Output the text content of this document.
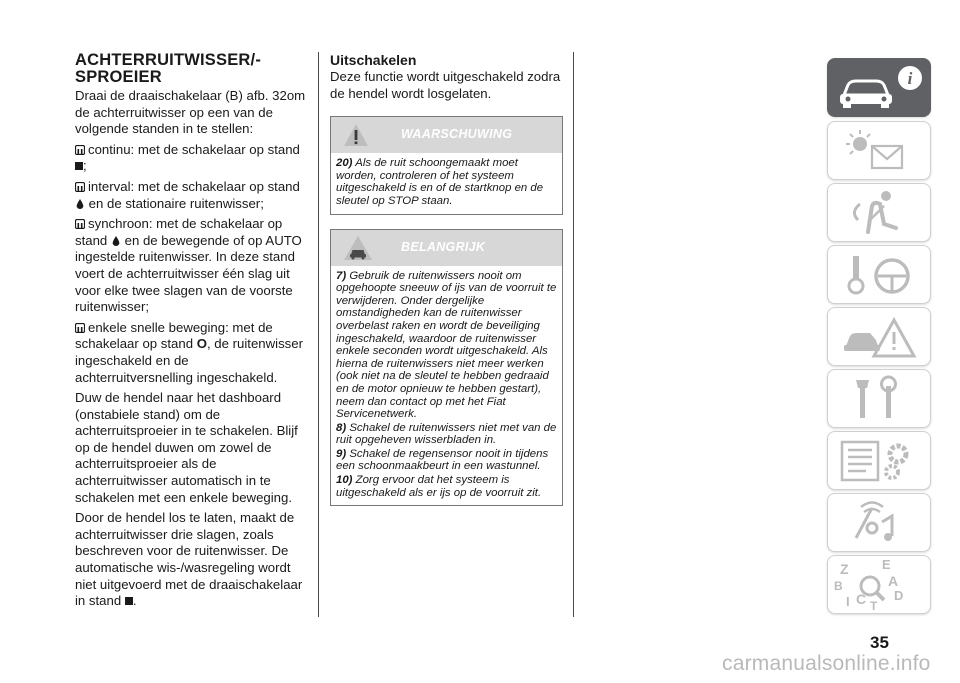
ACHTERRUITWISSER/-
SPROEIER

Draai de draaischakelaar (B) afb. 32om de achterruitwisser op een van de volgende standen in te stellen:

continu: met de schakelaar op stand ;

interval: met de schakelaar op stand  en de stationaire ruitenwisser;

synchroon: met de schakelaar op stand en de bewegende of op AUTO ingestelde ruitenwisser. In deze stand voert de achterruitwisser één slag uit voor elke twee slagen van de voorste ruitenwisser;

enkele snelle beweging: met de schakelaar op stand O, de ruitenwisser ingeschakeld en de achterruitversnelling ingeschakeld.

Duw de hendel naar het dashboard (onstabiele stand) om de achterruitsproeier in te schakelen. Blijf op de hendel duwen om zowel de achterruitsproeier als de achterruitwisser automatisch in te schakelen met een enkele beweging.

Door de hendel los te laten, maakt de achterruitwisser drie slagen, zoals beschreven voor de ruitenwisser. De automatische wis-/wasregeling wordt niet uitgevoerd met de draaischakelaar in stand .

Uitschakelen

Deze functie wordt uitgeschakeld zodra de hendel wordt losgelaten.

WAARSCHUWING
20) Als de ruit schoongemaakt moet worden, controleren of het systeem uitgeschakeld is en of de startknop en de sleutel op STOP staan.
BELANGRIJK
7) Gebruik de ruitenwissers nooit om opgehoopte sneeuw of ijs van de voorruit te verwijderen. Onder dergelijke omstandigheden kan de ruitenwisser overbelast raken en wordt de beveiliging ingeschakeld, waardoor de ruitenwisser enkele seconden wordt uitgeschakeld. Als hierna de ruitenwissers niet meer werken (ook niet na de sleutel te hebben gedraaid en de motor opnieuw te hebben gestart), neem dan contact op met het Fiat Servicenetwerk.
8) Schakel de ruitenwissers niet met van de ruit opgeheven wisserbladen in.
9) Schakel de regensensor nooit in tijdens een schoonmaakbeurt in een wastunnel.
10) Zorg ervoor dat het systeem is uitgeschakeld als er ijs op de voorruit zit.
i
Z	E
B	A
I C T
D
35
carmanualsonline.info
